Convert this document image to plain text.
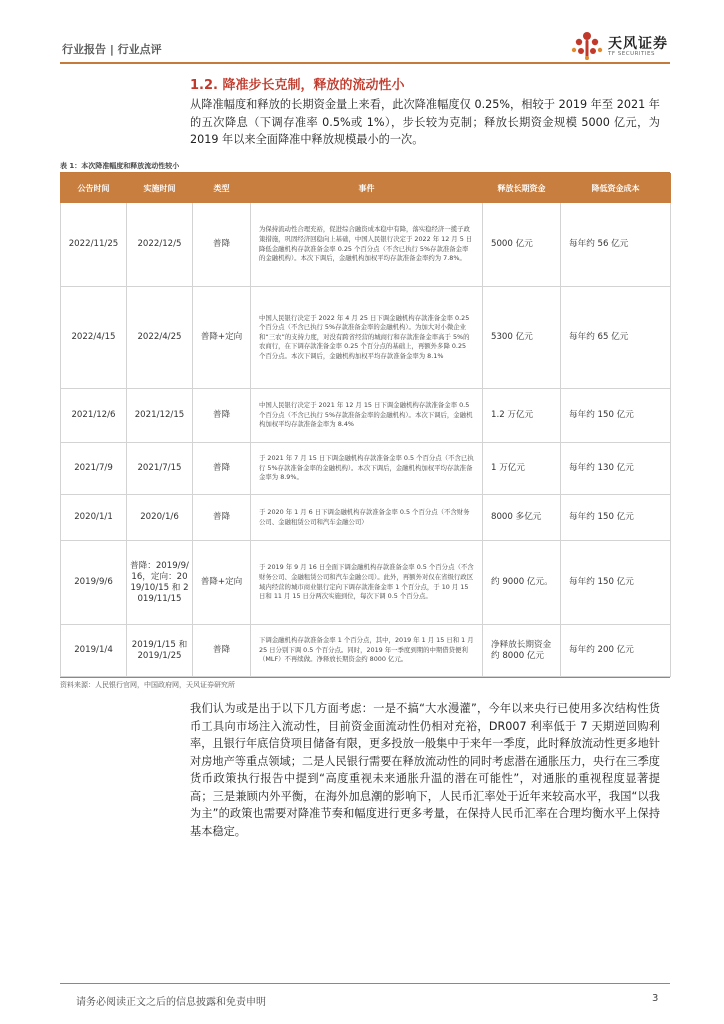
行业报告 | 行业点评	天风证券
TF SECURITIES
1.2. 降准步长克制，释放的流动性小

从降准幅度和释放的长期资金量上来看，此次降准幅度仅 0.25%，相较于 2019 年至 2021 年的五次降息（下调存准率 0.5%或 1%），步长较为克制；释放长期资金规模 5000 亿元，为 2019 年以来全面降准中释放规模最小的一次。

表 1：本次降准幅度和释放流动性较小
公告时间	实施时间	类型	事件	释放长期资金	降低资金成本
2022/11/25	2022/12/5	普降	为保持流动性合理充裕，促进综合融资成本稳中有降，落实稳经济一揽子政策措施，巩固经济回稳向上基础，中国人民银行决定于 2022 年 12 月 5 日降低金融机构存款准备金率 0.25 个百分点（不含已执行 5%存款准备金率的金融机构）。本次下调后，金融机构加权平均存款准备金率约为 7.8%。	5000 亿元	每年约 56 亿元
2022/4/15	2022/4/25	普降+定向	中国人民银行决定于 2022 年 4 月 25 日下调金融机构存款准备金率 0.25 个百分点（不含已执行 5%存款准备金率的金融机构）。为加大对小微企业和“三农”的支持力度，对没有跨省经营的城商行和存款准备金率高于 5%的农商行，在下调存款准备金率 0.25 个百分点的基础上，再额外多降 0.25 个百分点。本次下调后，金融机构加权平均存款准备金率为 8.1%	5300 亿元	每年约 65 亿元
2021/12/6	2021/12/15	普降	中国人民银行决定于 2021 年 12 月 15 日下调金融机构存款准备金率 0.5 个百分点（不含已执行 5%存款准备金率的金融机构）。本次下调后，金融机构加权平均存款准备金率为 8.4%	1.2 万亿元	每年约 150 亿元
2021/7/9	2021/7/15	普降	于 2021 年 7 月 15 日下调金融机构存款准备金率 0.5 个百分点（不含已执行 5%存款准备金率的金融机构）。本次下调后，金融机构加权平均存款准备金率为 8.9%。	1 万亿元	每年约 130 亿元
2020/1/1	2020/1/6	普降	于 2020 年 1 月 6 日下调金融机构存款准备金率 0.5 个百分点（不含财务公司、金融租赁公司和汽车金融公司）	8000 多亿元	每年约 150 亿元
2019/9/6	普降：2019/9/16，定向：2019/10/15 和 2019/11/15	普降+定向	于 2019 年 9 月 16 日全面下调金融机构存款准备金率 0.5 个百分点（不含财务公司、金融租赁公司和汽车金融公司）。此外，再额外对仅在省级行政区域内经营的城市商业银行定向下调存款准备金率 1 个百分点，于 10 月 15 日和 11 月 15 日分两次实施到位，每次下调 0.5 个百分点。	约 9000 亿元。	每年约 150 亿元
2019/1/4	2019/1/15 和 2019/1/25	普降	下调金融机构存款准备金率 1 个百分点，其中，2019 年 1 月 15 日和 1 月 25 日分别下调 0.5 个百分点。同时，2019 年一季度到期的中期借贷便利（MLF）不再续做。净释放长期资金约 8000 亿元。	净释放长期资金约 8000 亿元	每年约 200 亿元
资料来源：人民银行官网，中国政府网，天风证券研究所

我们认为或是出于以下几方面考虑：一是不搞“大水漫灌”，今年以来央行已使用多次结构性货币工具向市场注入流动性，目前资金面流动性仍相对充裕，DR007 利率低于 7 天期逆回购利率，且银行年底信贷项目储备有限，更多投放一般集中于来年一季度，此时释放流动性更多地针对房地产等重点领域；二是人民银行需要在释放流动性的同时考虑潜在通胀压力，央行在三季度货币政策执行报告中提到“高度重视未来通胀升温的潜在可能性”，对通胀的重视程度显著提高；三是兼顾内外平衡，在海外加息潮的影响下，人民币汇率处于近年来较高水平，我国“以我为主”的政策也需要对降准节奏和幅度进行更多考量，在保持人民币汇率在合理均衡水平上保持基本稳定。

请务必阅读正文之后的信息披露和免责申明	3
